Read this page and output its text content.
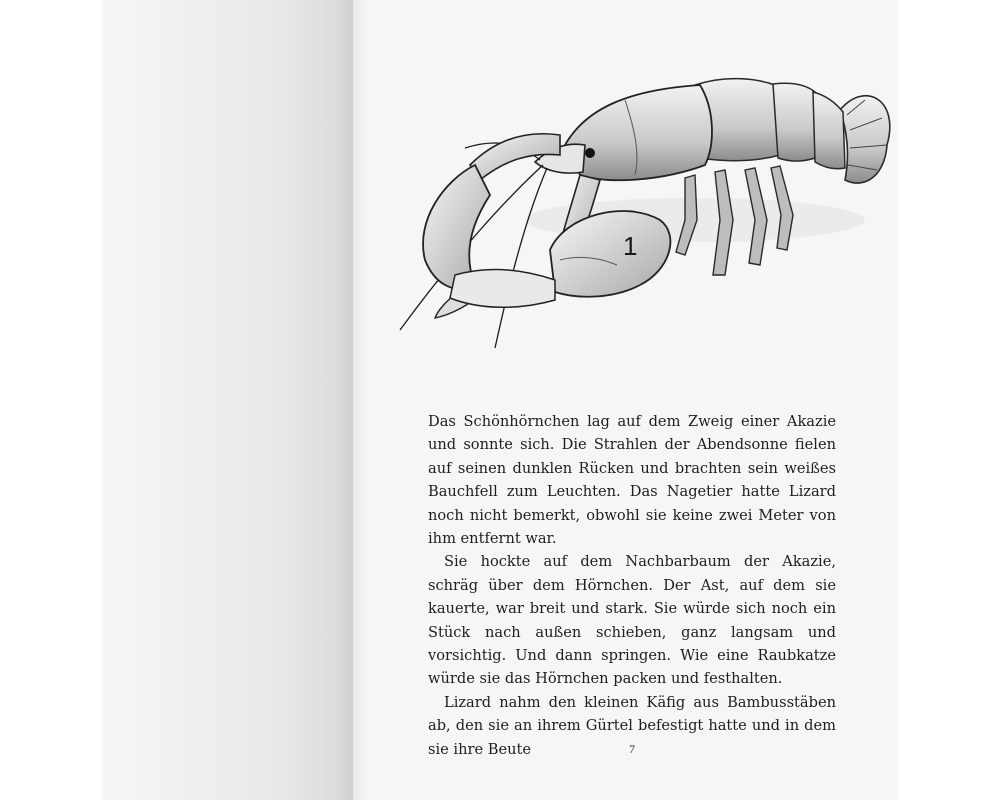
1

Das Schönhörnchen lag auf dem Zweig einer Akazie und sonnte sich. Die Strahlen der Abendsonne fielen auf seinen dunklen Rücken und brachten sein weißes Bauchfell zum Leuchten. Das Nagetier hatte Lizard noch nicht bemerkt, obwohl sie keine zwei Meter von ihm entfernt war.

Sie hockte auf dem Nachbarbaum der Akazie, schräg über dem Hörnchen. Der Ast, auf dem sie kauerte, war breit und stark. Sie würde sich noch ein Stück nach außen schieben, ganz langsam und vorsichtig. Und dann springen. Wie eine Raubkatze würde sie das Hörnchen packen und festhalten.

Lizard nahm den kleinen Käfig aus Bambusstäben ab, den sie an ihrem Gürtel befestigt hatte und in dem sie ihre Beute	7
